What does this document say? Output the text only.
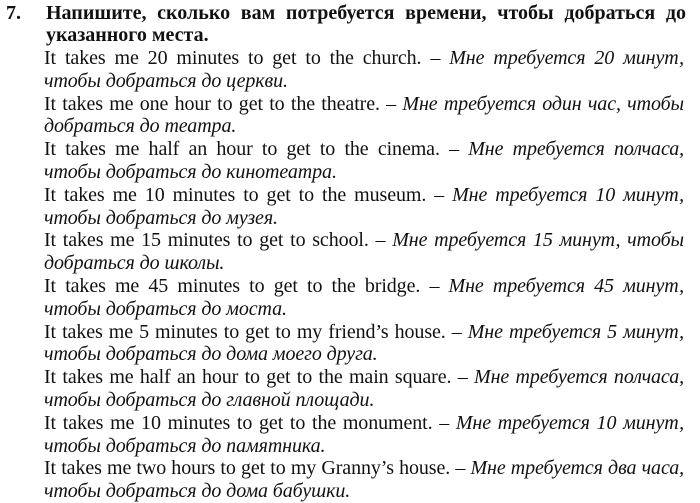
7. Напишите, сколько вам потребуется времени, чтобы добраться до указанного места.
It takes me 20 minutes to get to the church. – Мне требуется 20 минут, чтобы добраться до церкви.
It takes me one hour to get to the theatre. – Мне требуется один час, чтобы добраться до театра.
It takes me half an hour to get to the cinema. – Мне требуется полчаса, чтобы добраться до кинотеатра.
It takes me 10 minutes to get to the museum. – Мне требуется 10 минут, чтобы добраться до музея.
It takes me 15 minutes to get to school. – Мне требуется 15 минут, чтобы добраться до школы.
It takes me 45 minutes to get to the bridge. – Мне требуется 45 минут, чтобы добраться до моста.
It takes me 5 minutes to get to my friend’s house. – Мне требуется 5 минут, чтобы добраться до дома моего друга.
It takes me half an hour to get to the main square. – Мне требуется полчаса, чтобы добраться до главной площади.
It takes me 10 minutes to get to the monument. – Мне требуется 10 минут, чтобы добраться до памятника.
It takes me two hours to get to my Granny’s house. – Мне требуется два часа, чтобы добраться до дома бабушки.
